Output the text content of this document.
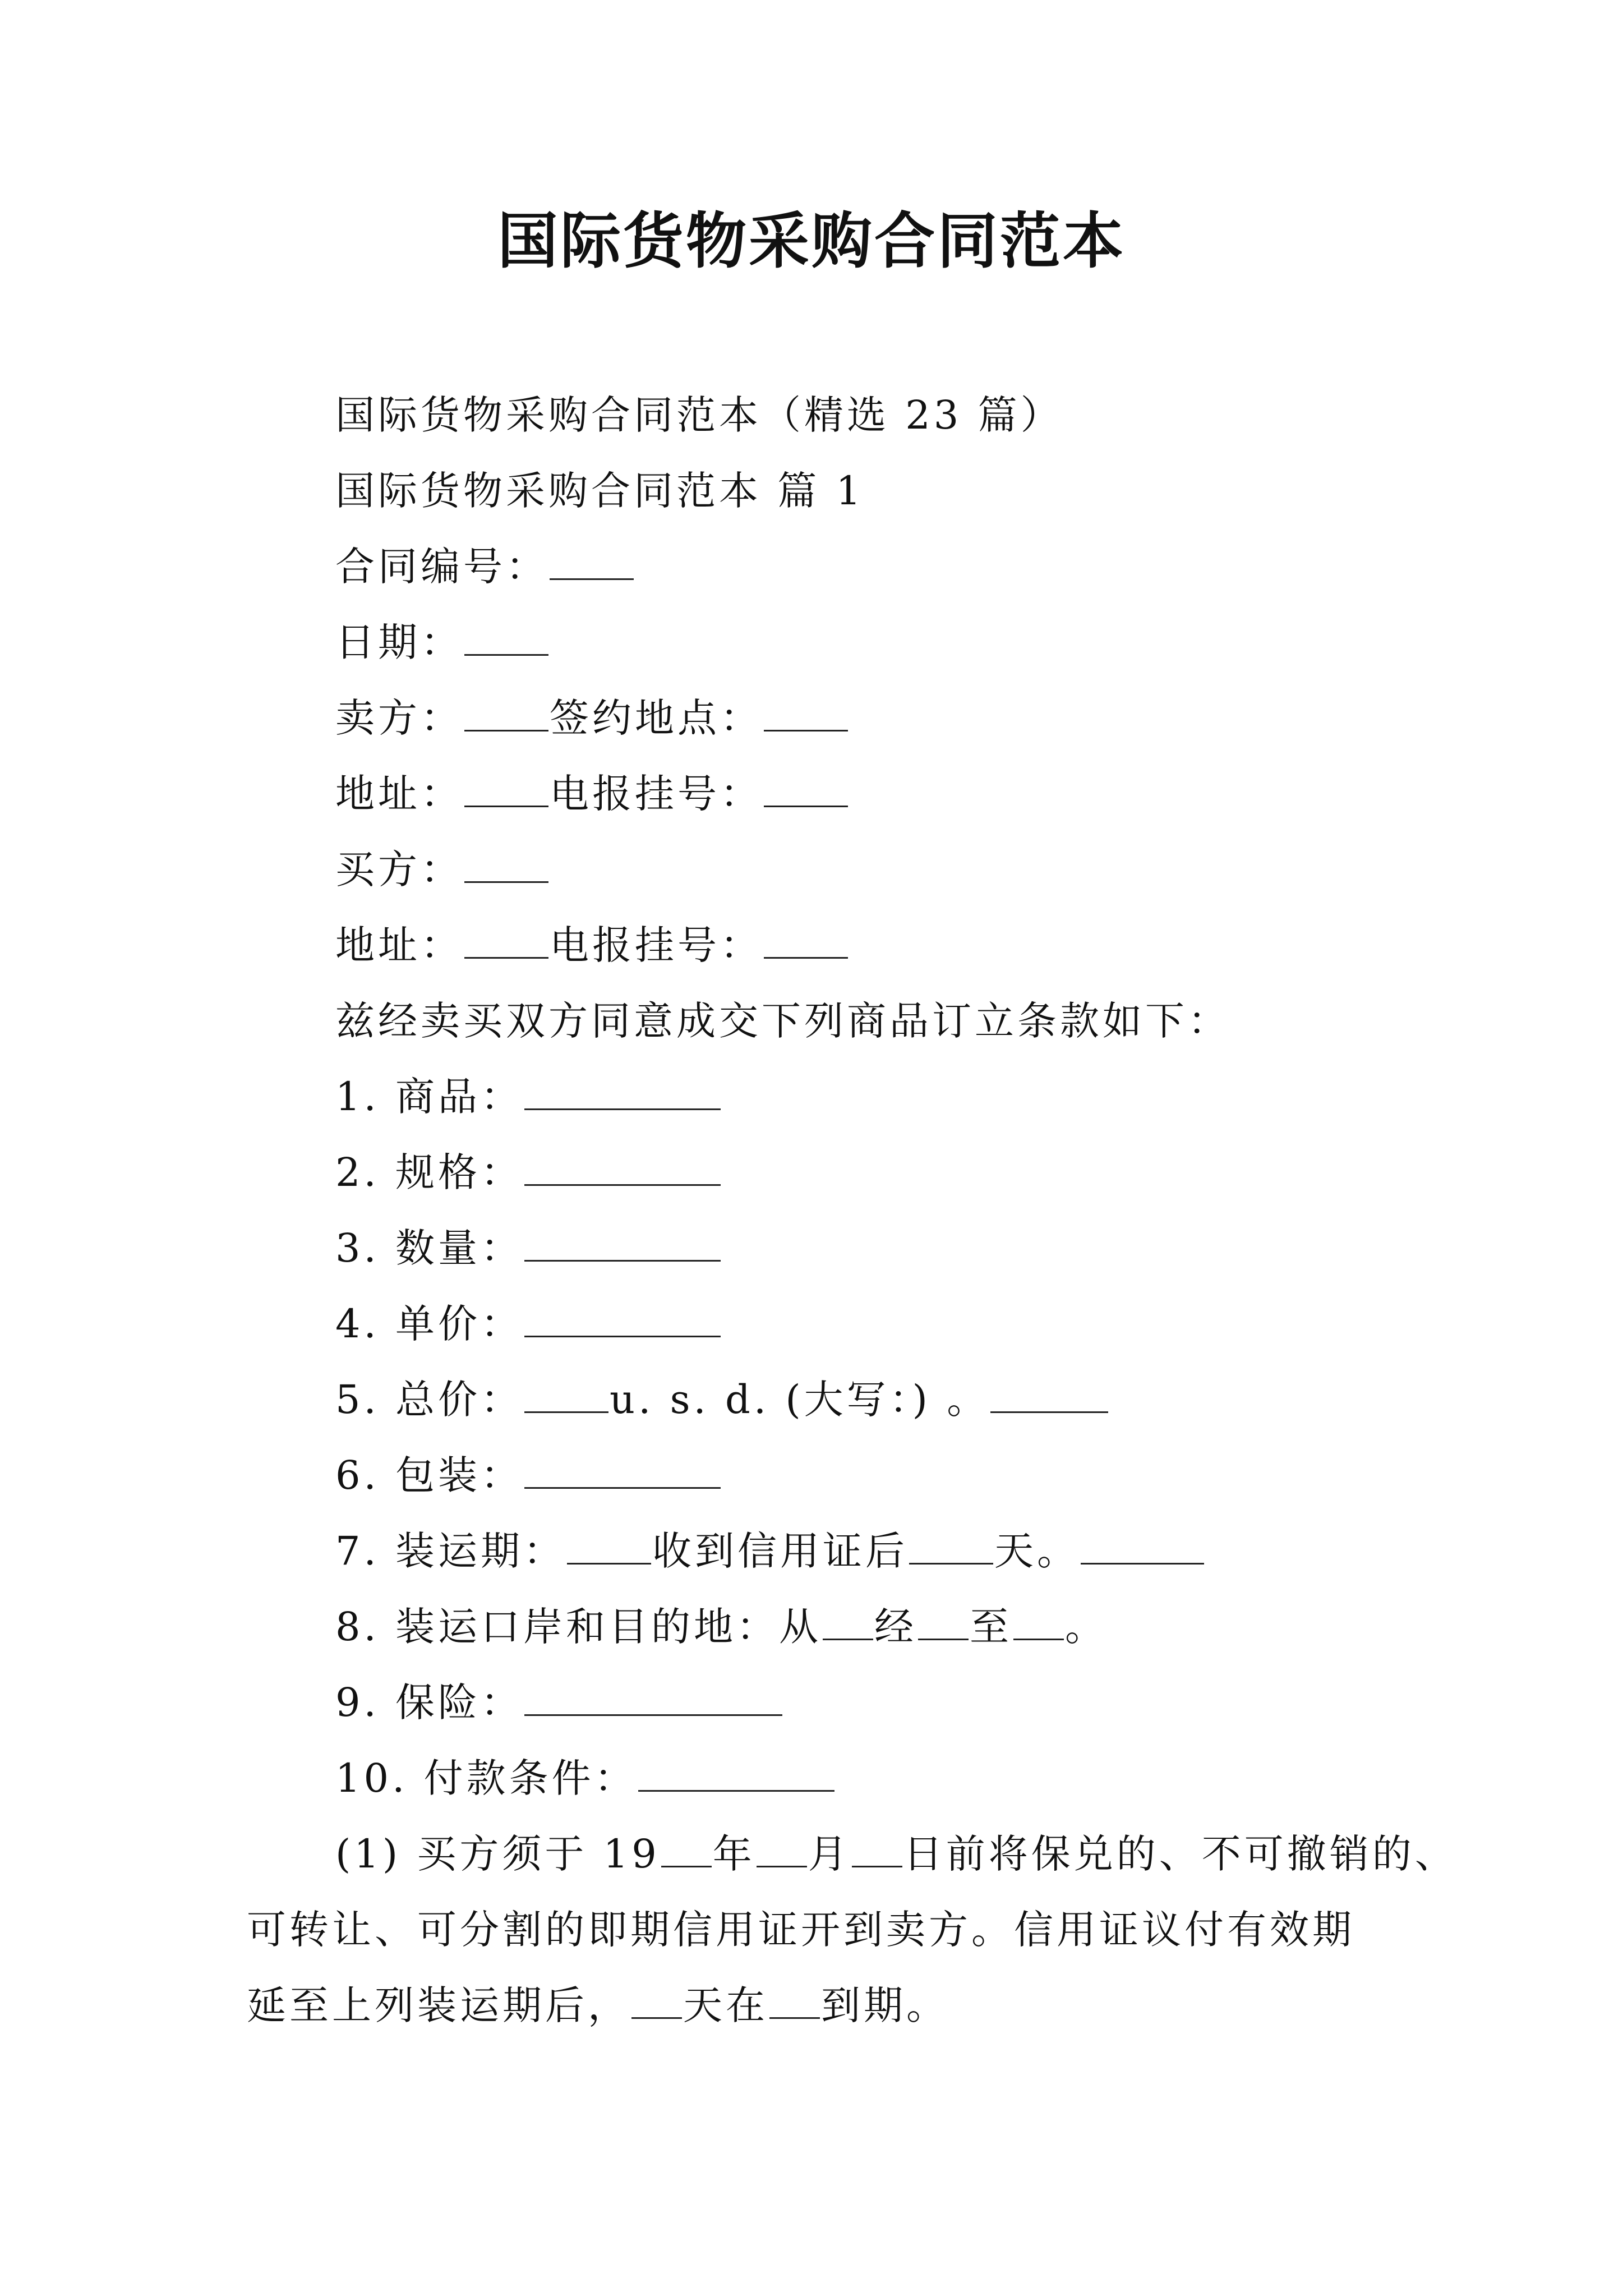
国际货物采购合同范本
国际货物采购合同范本（精选 23 篇）
国际货物采购合同范本 篇 1
合同编号：
日期：
卖方： 签约地点：
地址： 电报挂号：
买方：
地址： 电报挂号：
兹经卖买双方同意成交下列商品订立条款如下：
1. 商品：
2. 规格：
3. 数量：
4. 单价：
5. 总价： u. s. d. (大写：) 。
6. 包装：
7. 装运期： 收到信用证后 天。
8. 装运口岸和目的地：从 经 至 。
9. 保险：
10. 付款条件：
(1) 买方须于 19 年 月 日前将保兑的、不可撤销的、
可转让、可分割的即期信用证开到卖方。信用证议付有效期
延至上列装运期后， 天在 到期。
